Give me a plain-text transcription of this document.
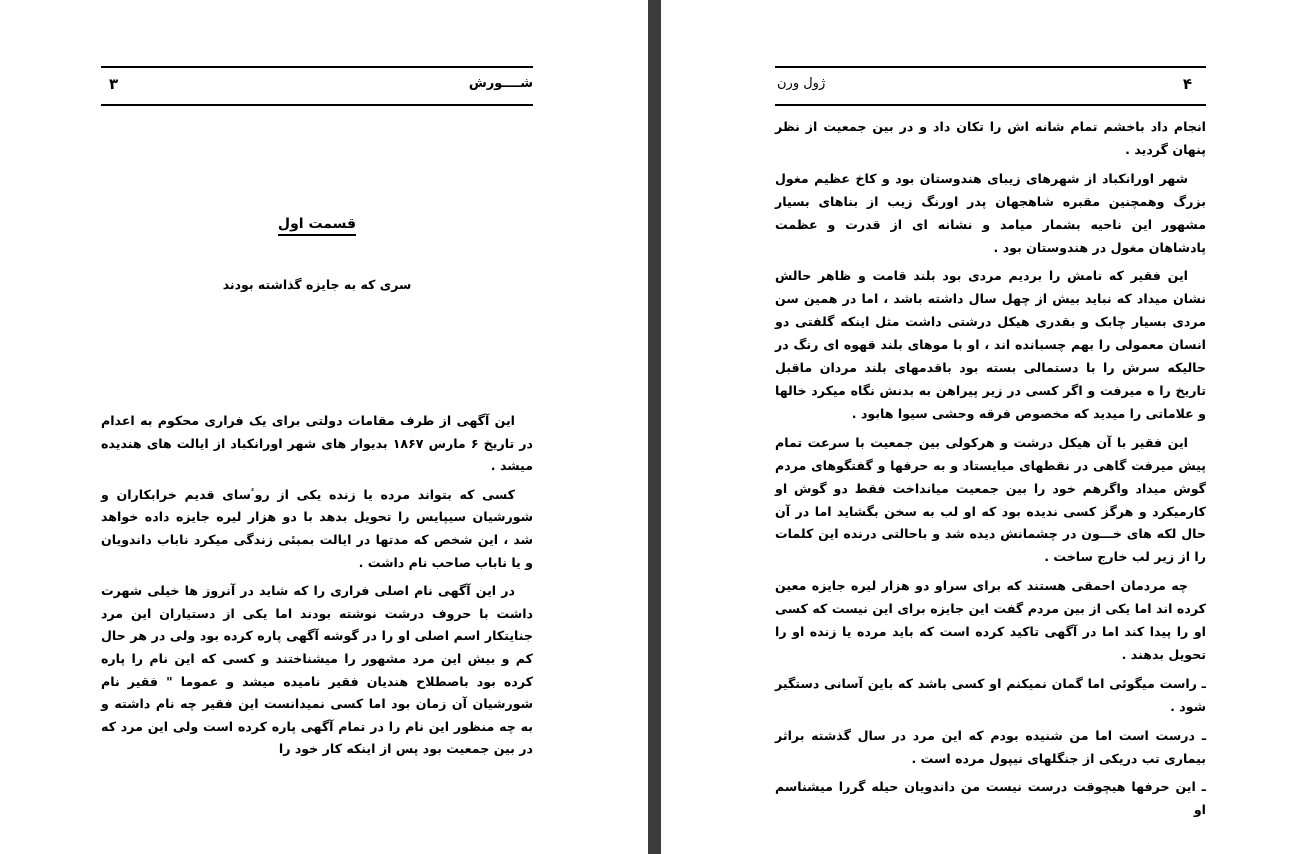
۳	شــــورش
قسمت اول
سری که به جایزه گذاشته بودند

این آگهی از طرف مقامات دولتی برای یک فراری محکوم به اعدام در تاریخ ۶ مارس ۱۸۶۷ بدیوار های شهر اورانکباد از ایالت های هندیده میشد .

کسی که بتواند مرده یا زنده یکی از روٴسای قدیم خرابکاران و شورشیان سیپایس را تحویل بدهد با دو هزار لیره جایزه داده خواهد شد ، این شخص که مدتها در ایالت بمبئی زندگی میکرد ناباب داندویان و یا ناباب صاحب نام داشت .

در این آگهی نام اصلی فراری را که شاید در آنروز ها خیلی شهرت داشت با حروف درشت نوشته بودند اما یکی از دستیاران این مرد جنایتکار اسم اصلی او را در گوشه آگهی پاره کرده بود ولی در هر حال کم و بیش این مرد مشهور را میشناختند و کسی که این نام را پاره کرده بود باصطلاح هندیان فقیر نامیده میشد و عموما " فقیر نام شورشیان آن زمان بود اما کسی نمیدانست این فقیر چه نام داشته و به چه منظور این نام را در تمام آگهی پاره کرده است ولی این مرد که در بین جمعیت بود پس از اینکه کار خود را

ژول ورن	۴

انجام داد باخشم تمام شانه اش را تکان داد و در بین جمعیت از نظر پنهان گردید .

شهر اورانکباد از شهرهای زیبای هندوستان بود و کاخ عظیم مغول بزرگ وهمچنین مقبره شاهجهان پدر اورنگ زیب از بناهای بسیار مشهور این ناحیه بشمار میامد و نشانه ای از قدرت و عظمت پادشاهان مغول در هندوستان بود .

این فقیر که نامش را بردیم مردی بود بلند قامت و ظاهر حالش نشان میداد که نباید بیش از چهل سال داشته باشد ، اما در همین سن مردی بسیار چابک و بقدری هیکل درشتی داشت مثل اینکه گلفتی دو انسان معمولی را بهم چسبانده اند ، او با موهای بلند قهوه ای رنگ در حالیکه سرش را با دستمالی بسته بود باقدمهای بلند مردان ماقبل تاریخ را ه میرفت و اگر کسی در زیر پیراهن به بدنش نگاه میکرد خالها و علاماتی را میدید که مخصوص فرقه وحشی سیوا هابود .

این فقیر با آن هیکل درشت و هرکولی بین جمعیت با سرعت تمام پیش میرفت گاهی در نقطهای میایستاد و به حرفها و گفتگوهای مردم گوش میداد واگرهم خود را بین جمعیت میانداخت فقط دو گوش او کارمیکرد و هرگز کسی ندیده بود که او لب به سخن بگشاید اما در آن حال لکه های خـــون در چشمانش دیده شد و باحالتی درنده این کلمات را از زیر لب خارج ساخت .

چه مردمان احمقی هستند که برای سراو دو هزار لیره جایزه معین کرده اند اما یکی از بین مردم گفت این جایزه برای این نیست که کسی او را پیدا کند اما در آگهی تاکید کرده است که باید مرده یا زنده او را تحویل بدهند .

ـ راست میگوئی اما گمان نمیکنم او کسی باشد که باین آسانی دستگیر شود .

ـ درست است اما من شنیده بودم که این مرد در سال گذشته براثر بیماری تب دریکی از جنگلهای نیپول مرده است .

ـ این حرفها هیچوقت درست نیست من داندویان حیله گررا میشناسم او
